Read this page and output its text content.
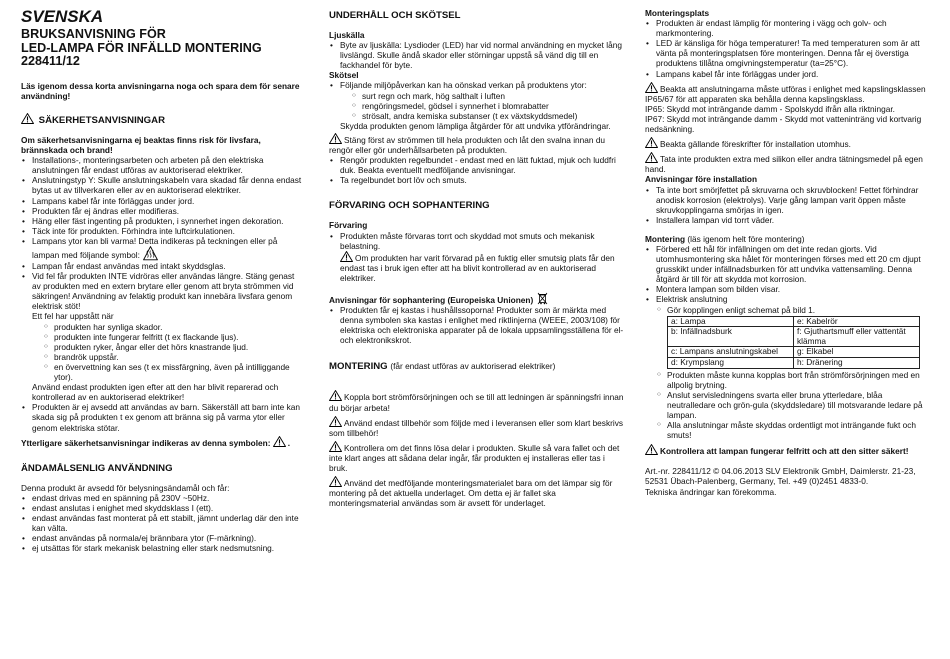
SVENSKA
BRUKSANVISNING FÖR
LED-LAMPA FÖR INFÄLLD MONTERING
228411/12

Läs igenom dessa korta anvisningarna noga och spara dem för senare användning!

SÄKERHETSANVISNINGAR

Om säkerhetsanvisningarna ej beaktas finns risk för livsfara, brännskada och brand!

• Installations-, monteringsarbeten och arbeten på den elektriska anslutningen får endast utföras av auktoriserad elektriker.
• Anslutningstyp Y: Skulle anslutningskabeln vara skadad får denna endast bytas ut av tillverkaren eller av en auktoriserad elektriker.
• Lampans kabel får inte förläggas under jord.
• Produkten får ej ändras eller modifieras.
• Häng eller fäst ingenting på produkten, i synnerhet ingen dekoration.
• Täck inte för produkten. Förhindra inte luftcirkulationen.
• Lampans ytor kan bli varma! Detta indikeras på teckningen eller på lampan med följande symbol:
• Lampan får endast användas med intakt skyddsglas.
• Vid fel får produkten INTE vidröras eller användas längre. Stäng genast av produkten med en extern brytare eller genom att bryta strömmen vid säkringen! Användning av felaktig produkt kan innebära livsfara genom elektrisk stöt!
Ett fel har uppstått när
○ produkten har synliga skador.
○ produkten inte fungerar felfritt (t ex flackande ljus).
○ produkten ryker, ångar eller det hörs knastrande ljud.
○ brandrök uppstår.
○ en övervettning kan ses (t ex missfärgning, även på intilliggande ytor).
Använd endast produkten igen efter att den har blivit reparerad och kontrollerad av en auktoriserad elektriker!
• Produkten är ej avsedd att användas av barn. Säkerställ att barn inte kan skada sig på produkten t ex genom att bränna sig på varma ytor eller genom elektriska stötar.

Ytterligare säkerhetsanvisningar indikeras av denna symbolen: .

ÄNDAMÅLSENLIG ANVÄNDNING

Denna produkt är avsedd för belysningsändamål och får:

• endast drivas med en spänning på 230V ~50Hz.
• endast anslutas i enighet med skyddsklass I (ett).
• endast användas fast monterat på ett stabilt, jämnt underlag där den inte kan vältа.
• endast användas på normala/ej brännbara ytor (F-märkning).
• ej utsättas för stark mekanisk belastning eller stark nedsmutsning.
UNDERHÅLL OCH SKÖTSEL
Ljuskälla
• Byte av ljuskälla: Lysdioder (LED) har vid normal användning en mycket lång livslängd. Skulle ändå skador eller störningar uppstå så vänd dig till en fackhandel för byte.
Skötsel
• Följande miljöpåverkan kan ha oönskad verkan på produktens ytor:
○ surt regn och mark, hög salthalt i luften
○ rengöringsmedel, gödsel i synnerhet i blomrabatter
○ strösalt, andra kemiska substanser (t ex växtskyddsmedel)
Skydda produkten genom lämpliga åtgärder för att undvika ytförändringar.

Stäng först av strömmen till hela produkten och låt den svalna innan du rengör eller gör underhållsarbeten på produkten.

• Rengör produkten regelbundet - endast med en lätt fuktad, mjuk och luddfri duk. Beakta eventuellt medföljande anvisningar.
• Ta regelbundet bort löv och smuts.
FÖRVARING OCH SOPHANTERING
Förvaring
• Produkten måste förvaras torrt och skyddad mot smuts och mekanisk belastning.

Om produkten har varit förvarad på en fuktig eller smutsig plats får den endast tas i bruk igen efter att ha blivit kontrollerad av en auktoriserad elektriker.

Anvisningar för sophantering (Europeiska Unionen)
• Produkten får ej kastas i hushållssoporna! Produkter som är märkta med denna symbolen ska kastas i enlighet med riktlinjerna (WEEE, 2003/108) för elektriska och elektroniska apparater på de lokala uppsamlingsställena för el- och elektronikskrot.
MONTERING (får endast utföras av auktoriserad elektriker)

Koppla bort strömförsörjningen och se till att ledningen är spänningsfri innan du börjar arbeta!

Använd endast tillbehör som följde med i leveransen eller som klart beskrivs som tillbehör!

Kontrollera om det finns lösa delar i produkten. Skulle så vara fallet och det inte klart anges att sådana delar ingår, får produkten ej installeras eller tas i bruk.

Använd det medföljande monteringsmaterialet bara om det lämpar sig för montering på det aktuella underlaget. Om detta ej är fallet ska monteringsmaterial användas som är avsett för underlaget.

Monteringsplats
• Produkten är endast lämplig för montering i vägg och golv- och markmontering.
• LED är känsliga för höga temperaturer! Ta med temperaturen som är att vänta på monteringsplatsen före monteringen. Denna får ej överstiga produktens tillåtna omgivningstemperatur (ta=25°C).
• Lampans kabel får inte förläggas under jord.

Beakta att anslutningarna måste utföras i enlighet med kapslingsklassen IP65/67 för att apparaten ska behålla denna kapslingsklass.

IP65: Skydd mot inträngande damm - Spolskydd ifrån alla riktningar.

IP67: Skydd mot inträngande damm - Skydd mot vatteninträng vid kortvarig nedsänkning.

Beakta gällande föreskrifter för installation utomhus.

Tata inte produkten extra med silikon eller andra tätningsmedel på egen hand.

Anvisningar före installation
• Ta inte bort smörjfettet på skruvarna och skruvblocken! Fettet förhindrar anodisk korrosion (elektrolys). Varje gång lampan varit öppen måste skruvkopplingarna smörjas in igen.
• Installera lampan vid torrt väder.

Montering (läs igenom helt före montering)

• Förbered ett hål för infällningen om det inte redan gjorts. Vid utomhusmontering ska hålet för monteringen förses med ett 20 cm djupt grusskikt under infällnadsburken för att undvika vattensamling. Denna åtgärd är till för att skydda mot korrosion.
• Montera lampan som bilden visar.
• Elektrisk anslutning
○ Gör kopplingen enligt schemat på bild 1.
a: Lampa	e: Kabelrör
b: Infällnadsburk	f: Gjuthartsmuff eller vattentät klämma
c: Lampans anslutningskabel	g: Elkabel
d: Krympslang	h: Dränering
○ Produkten måste kunna kopplas bort från strömförsörjningen med en allpolig brytning.
○ Anslut servisledningens svarta eller bruna ytterledare, blåa neutralledare och grön-gula (skyddsledare) till motsvarande ledare på lampan.
○ Alla anslutningar måste skyddas ordentligt mot inträngande fukt och smuts!

Kontrollera att lampan fungerar felfritt och att den sitter säkert!

Art.-nr. 228411/12 © 04.06.2013 SLV Elektronik GmbH, Daimlerstr. 21-23, 52531 Übach-Palenberg, Germany, Tel. +49 (0)2451 4833-0.

Tekniska ändringar kan förekomma.
